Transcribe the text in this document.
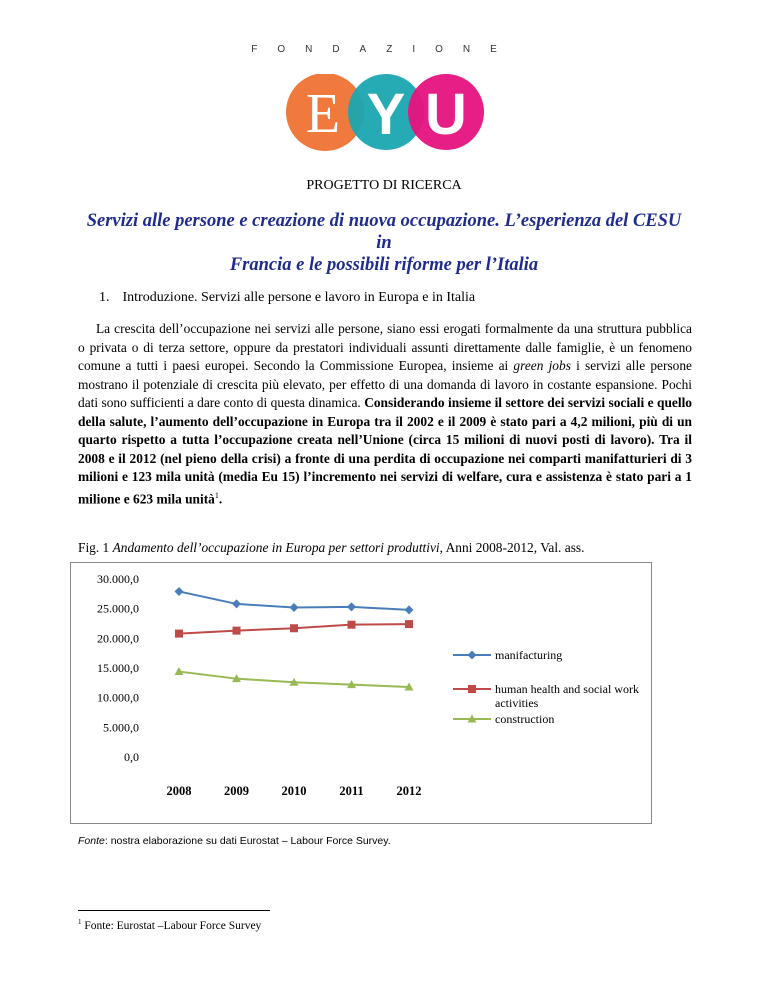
FONDAZIONE
E Y U
PROGETTO DI RICERCA
Servizi alle persone e creazione di nuova occupazione. L’esperienza del CESU in
Francia e le possibili riforme per l’Italia
1. Introduzione. Servizi alle persone e lavoro in Europa e in Italia

La crescita dell’occupazione nei servizi alle persone, siano essi erogati formalmente da una struttura pubblica o privata o di terza settore, oppure da prestatori individuali assunti direttamente dalle famiglie, è un fenomeno comune a tutti i paesi europei. Secondo la Commissione Europea, insieme ai green jobs i servizi alle persone mostrano il potenziale di crescita più elevato, per effetto di una domanda di lavoro in costante espansione. Pochi dati sono sufficienti a dare conto di questa dinamica. Considerando insieme il settore dei servizi sociali e quello della salute, l’aumento dell’occupazione in Europa tra il 2002 e il 2009 è stato pari a 4,2 milioni, più di un quarto rispetto a tutta l’occupazione creata nell’Unione (circa 15 milioni di nuovi posti di lavoro). Tra il 2008 e il 2012 (nel pieno della crisi) a fronte di una perdita di occupazione nei comparti manifatturieri di 3 milioni e 123 mila unità (media Eu 15) l’incremento nei servizi di welfare, cura e assistenza è stato pari a 1 milione e 623 mila unità$^1$.

Fig. 1 Andamento dell’occupazione in Europa per settori produttivi, Anni 2008-2012, Val. ass.
0,0
5.000,0
10.000,0
15.000,0
20.000,0
25.000,0
30.000,0
2008	2009	2010	2011	2012
manifacturing
human health and social work
activities
construction
Fonte: nostra elaborazione su dati Eurostat – Labour Force Survey.
$^1$ Fonte: Eurostat –Labour Force Survey
